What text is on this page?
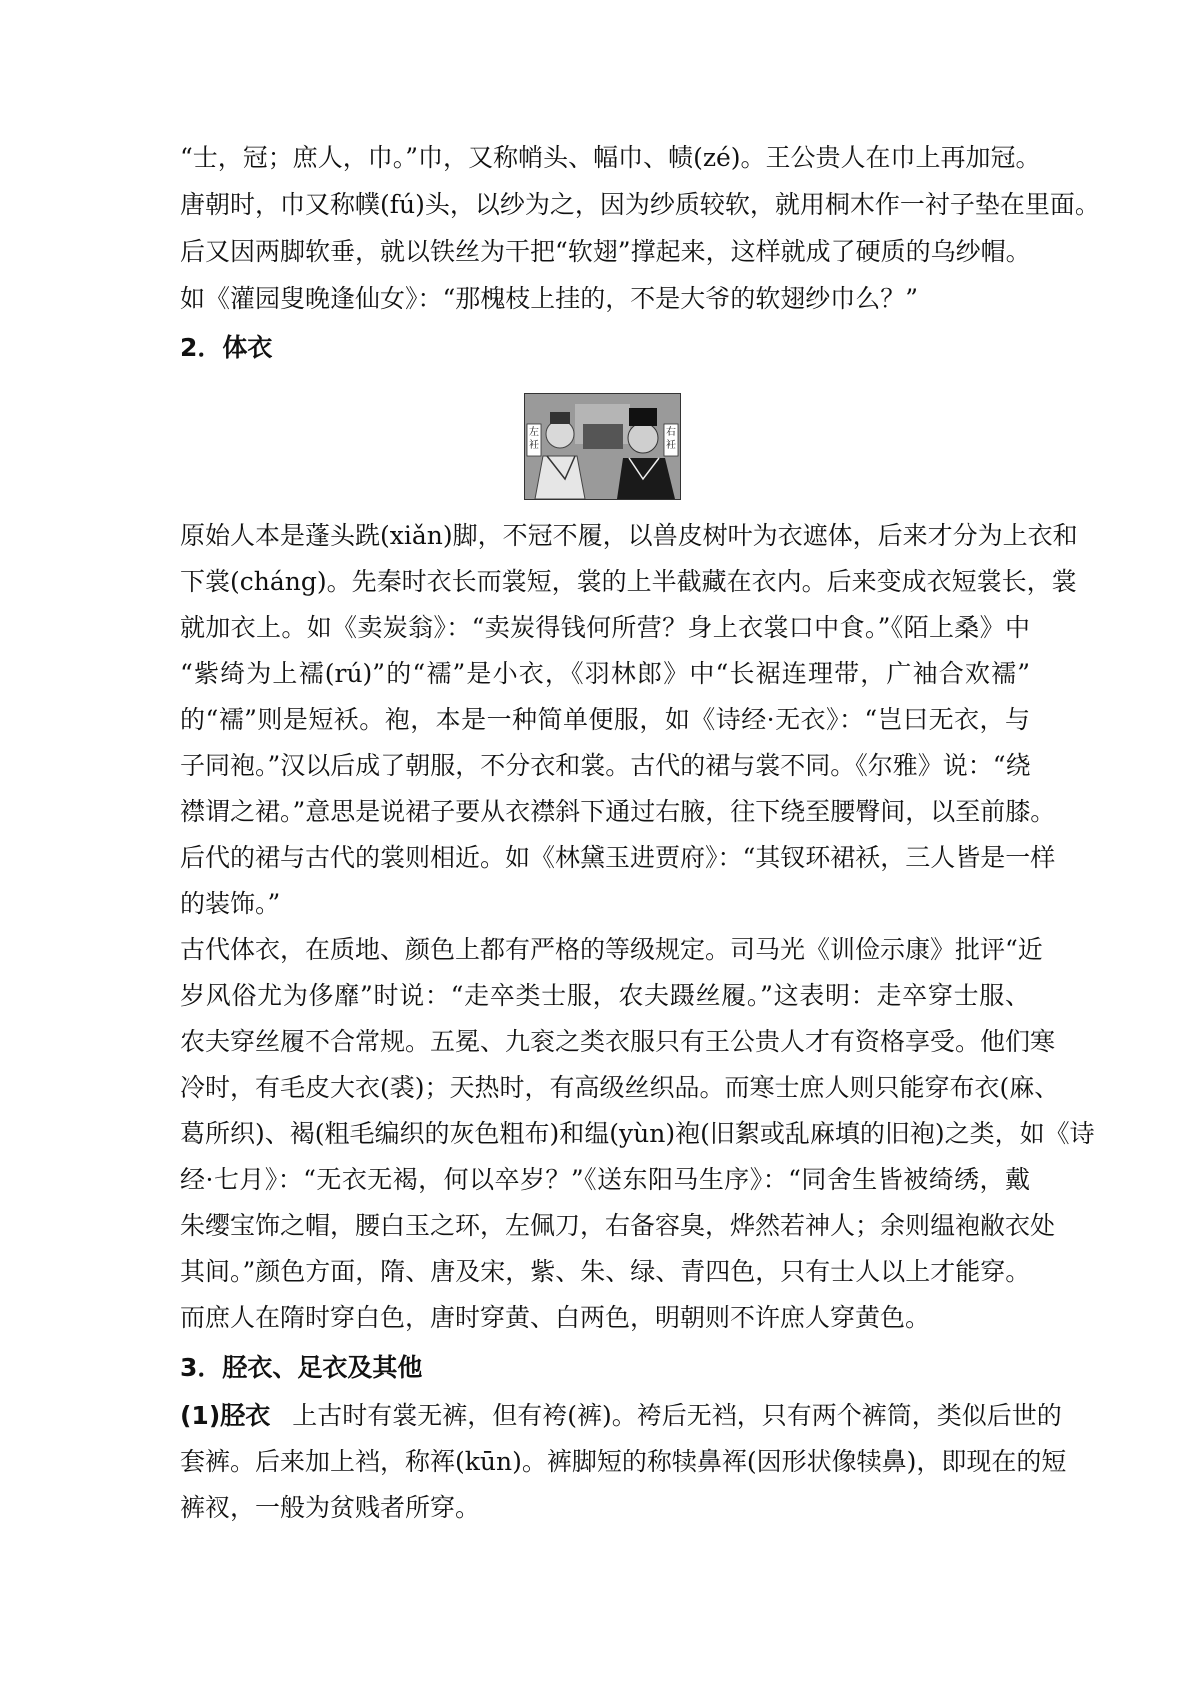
“士，冠；庶人，巾。”巾，又称帩头、幅巾、帻(zé)。王公贵人在巾上再加冠。
唐朝时，巾又称幞(fú)头，以纱为之，因为纱质较软，就用桐木作一衬子垫在里面。
后又因两脚软垂，就以铁丝为干把“软翅”撑起来，这样就成了硬质的乌纱帽。
如《灌园叟晚逢仙女》：“那槐枝上挂的，不是大爷的软翅纱巾么？”
2．体衣
左衽
右衽
原始人本是蓬头跣(xiǎn)脚，不冠不履，以兽皮树叶为衣遮体，后来才分为上衣和
下裳(cháng)。先秦时衣长而裳短，裳的上半截藏在衣内。后来变成衣短裳长，裳
就加衣上。如《卖炭翁》：“卖炭得钱何所营？身上衣裳口中食。”《陌上桑》中
“紫绮为上襦(rú)”的“襦”是小衣，《羽林郎》中“长裾连理带，广袖合欢襦”
的“襦”则是短袄。袍，本是一种简单便服，如《诗经·无衣》：“岂曰无衣，与
子同袍。”汉以后成了朝服，不分衣和裳。古代的裙与裳不同。《尔雅》说：“绕
襟谓之裙。”意思是说裙子要从衣襟斜下通过右腋，往下绕至腰臀间，以至前膝。
后代的裙与古代的裳则相近。如《林黛玉进贾府》：“其钗环裙袄，三人皆是一样
的装饰。”
古代体衣，在质地、颜色上都有严格的等级规定。司马光《训俭示康》批评“近
岁风俗尤为侈靡”时说：“走卒类士服，农夫蹑丝履。”这表明：走卒穿士服、
农夫穿丝履不合常规。五冕、九衮之类衣服只有王公贵人才有资格享受。他们寒
冷时，有毛皮大衣(裘)；天热时，有高级丝织品。而寒士庶人则只能穿布衣(麻、
葛所织)、褐(粗毛编织的灰色粗布)和缊(yùn)袍(旧絮或乱麻填的旧袍)之类，如《诗
经·七月》：“无衣无褐，何以卒岁？”《送东阳马生序》：“同舍生皆被绮绣，戴
朱缨宝饰之帽，腰白玉之环，左佩刀，右备容臭，烨然若神人；余则缊袍敝衣处
其间。”颜色方面，隋、唐及宋，紫、朱、绿、青四色，只有士人以上才能穿。
而庶人在隋时穿白色，唐时穿黄、白两色，明朝则不许庶人穿黄色。
3．胫衣、足衣及其他
(1)胫衣 上古时有裳无裤，但有袴(裤)。袴后无裆，只有两个裤筒，类似后世的
套裤。后来加上裆，称裈(kūn)。裤脚短的称犊鼻裈(因形状像犊鼻)，即现在的短
裤衩，一般为贫贱者所穿。
